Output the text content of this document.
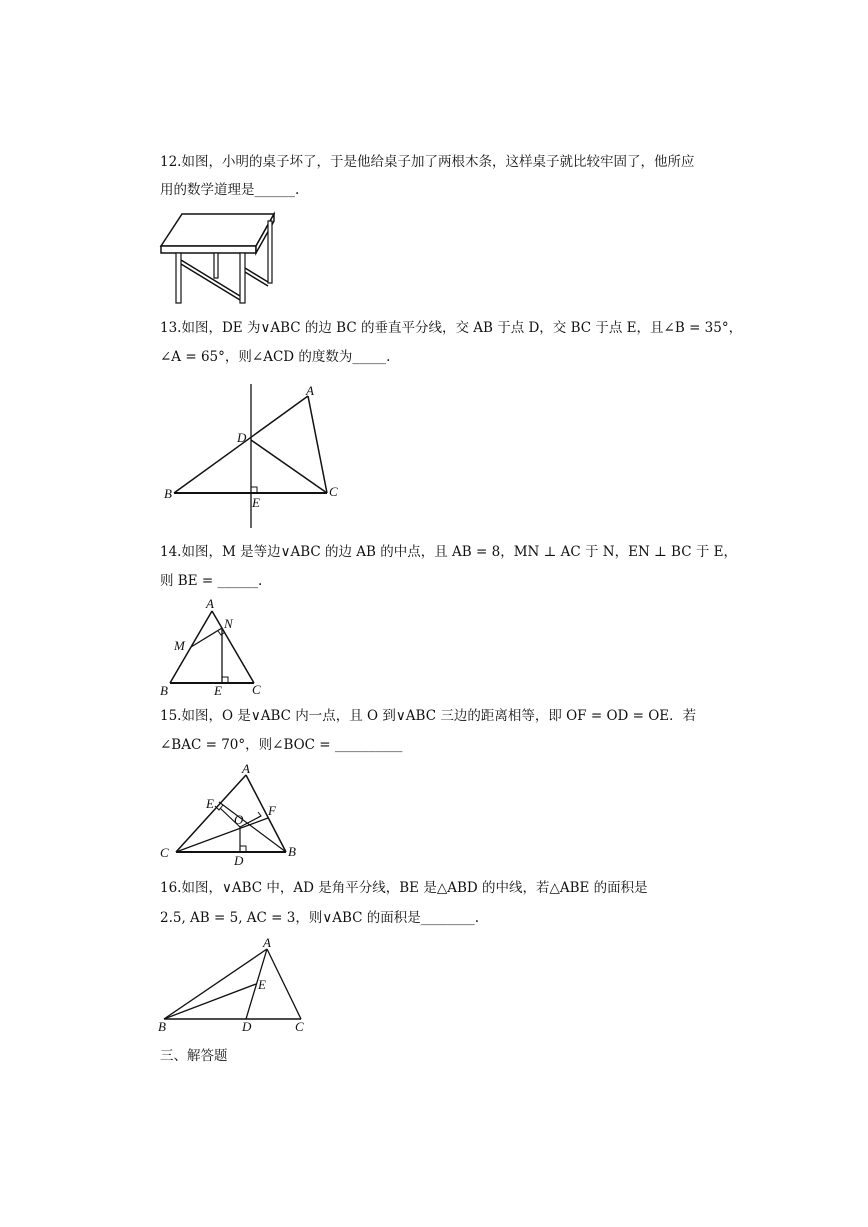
12.如图，小明的桌子坏了，于是他给桌子加了两根木条，这样桌子就比较牢固了，他所应
用的数学道理是______.
13.如图，DE 为∨ABC 的边 BC 的垂直平分线，交 AB 于点 D，交 BC 于点 E，且∠B = 35°，
∠A = 65°，则∠ACD 的度数为_____.
A
B	C
D
E
14.如图，M 是等边∨ABC 的边 AB 的中点，且 AB = 8，MN ⊥ AC 于 N，EN ⊥ BC 于 E，
则 BE = ______.
A
B	C
M
N
E
15.如图，O 是∨ABC 内一点，且 O 到∨ABC 三边的距离相等，即 OF = OD = OE．若
∠BAC = 70°，则∠BOC = __________
A
B
C
D
E	F
O
16.如图，∨ABC 中，AD 是角平分线，BE 是△ABD 的中线，若△ABE 的面积是
2.5, AB = 5, AC = 3，则∨ABC 的面积是________.
A
B	C
D
E
三、解答题
